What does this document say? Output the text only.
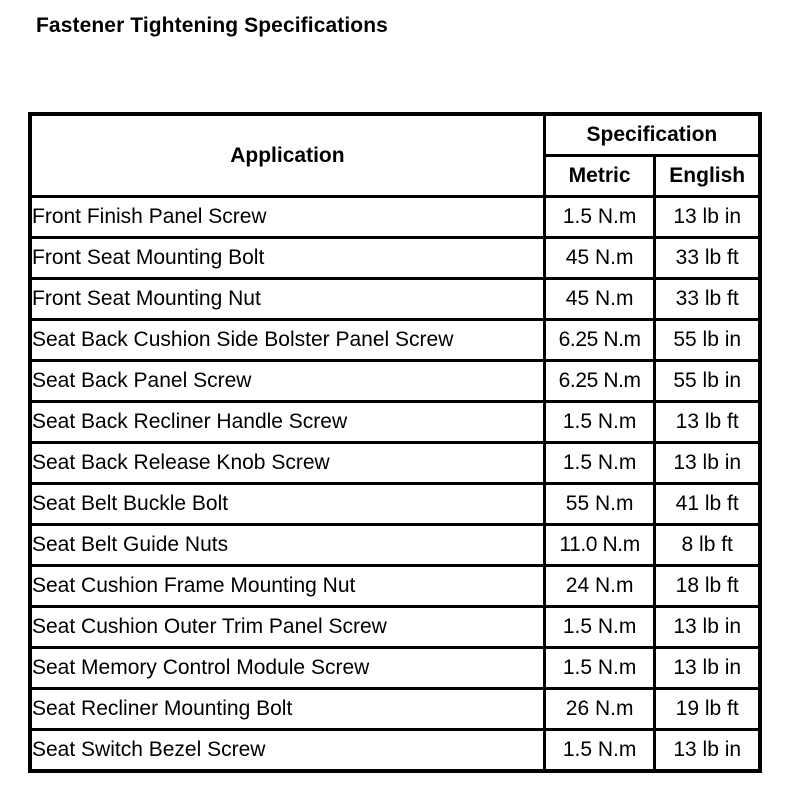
Fastener Tightening Specifications
Application	Specification	
	Metric	English
Front Finish Panel Screw	1.5 N.m	13 lb in
Front Seat Mounting Bolt	45 N.m	33 lb ft
Front Seat Mounting Nut	45 N.m	33 lb ft
Seat Back Cushion Side Bolster Panel Screw	6.25 N.m	55 lb in
Seat Back Panel Screw	6.25 N.m	55 lb in
Seat Back Recliner Handle Screw	1.5 N.m	13 lb ft
Seat Back Release Knob Screw	1.5 N.m	13 lb in
Seat Belt Buckle Bolt	55 N.m	41 lb ft
Seat Belt Guide Nuts	11.0 N.m	8 lb ft
Seat Cushion Frame Mounting Nut	24 N.m	18 lb ft
Seat Cushion Outer Trim Panel Screw	1.5 N.m	13 lb in
Seat Memory Control Module Screw	1.5 N.m	13 lb in
Seat Recliner Mounting Bolt	26 N.m	19 lb ft
Seat Switch Bezel Screw	1.5 N.m	13 lb in
